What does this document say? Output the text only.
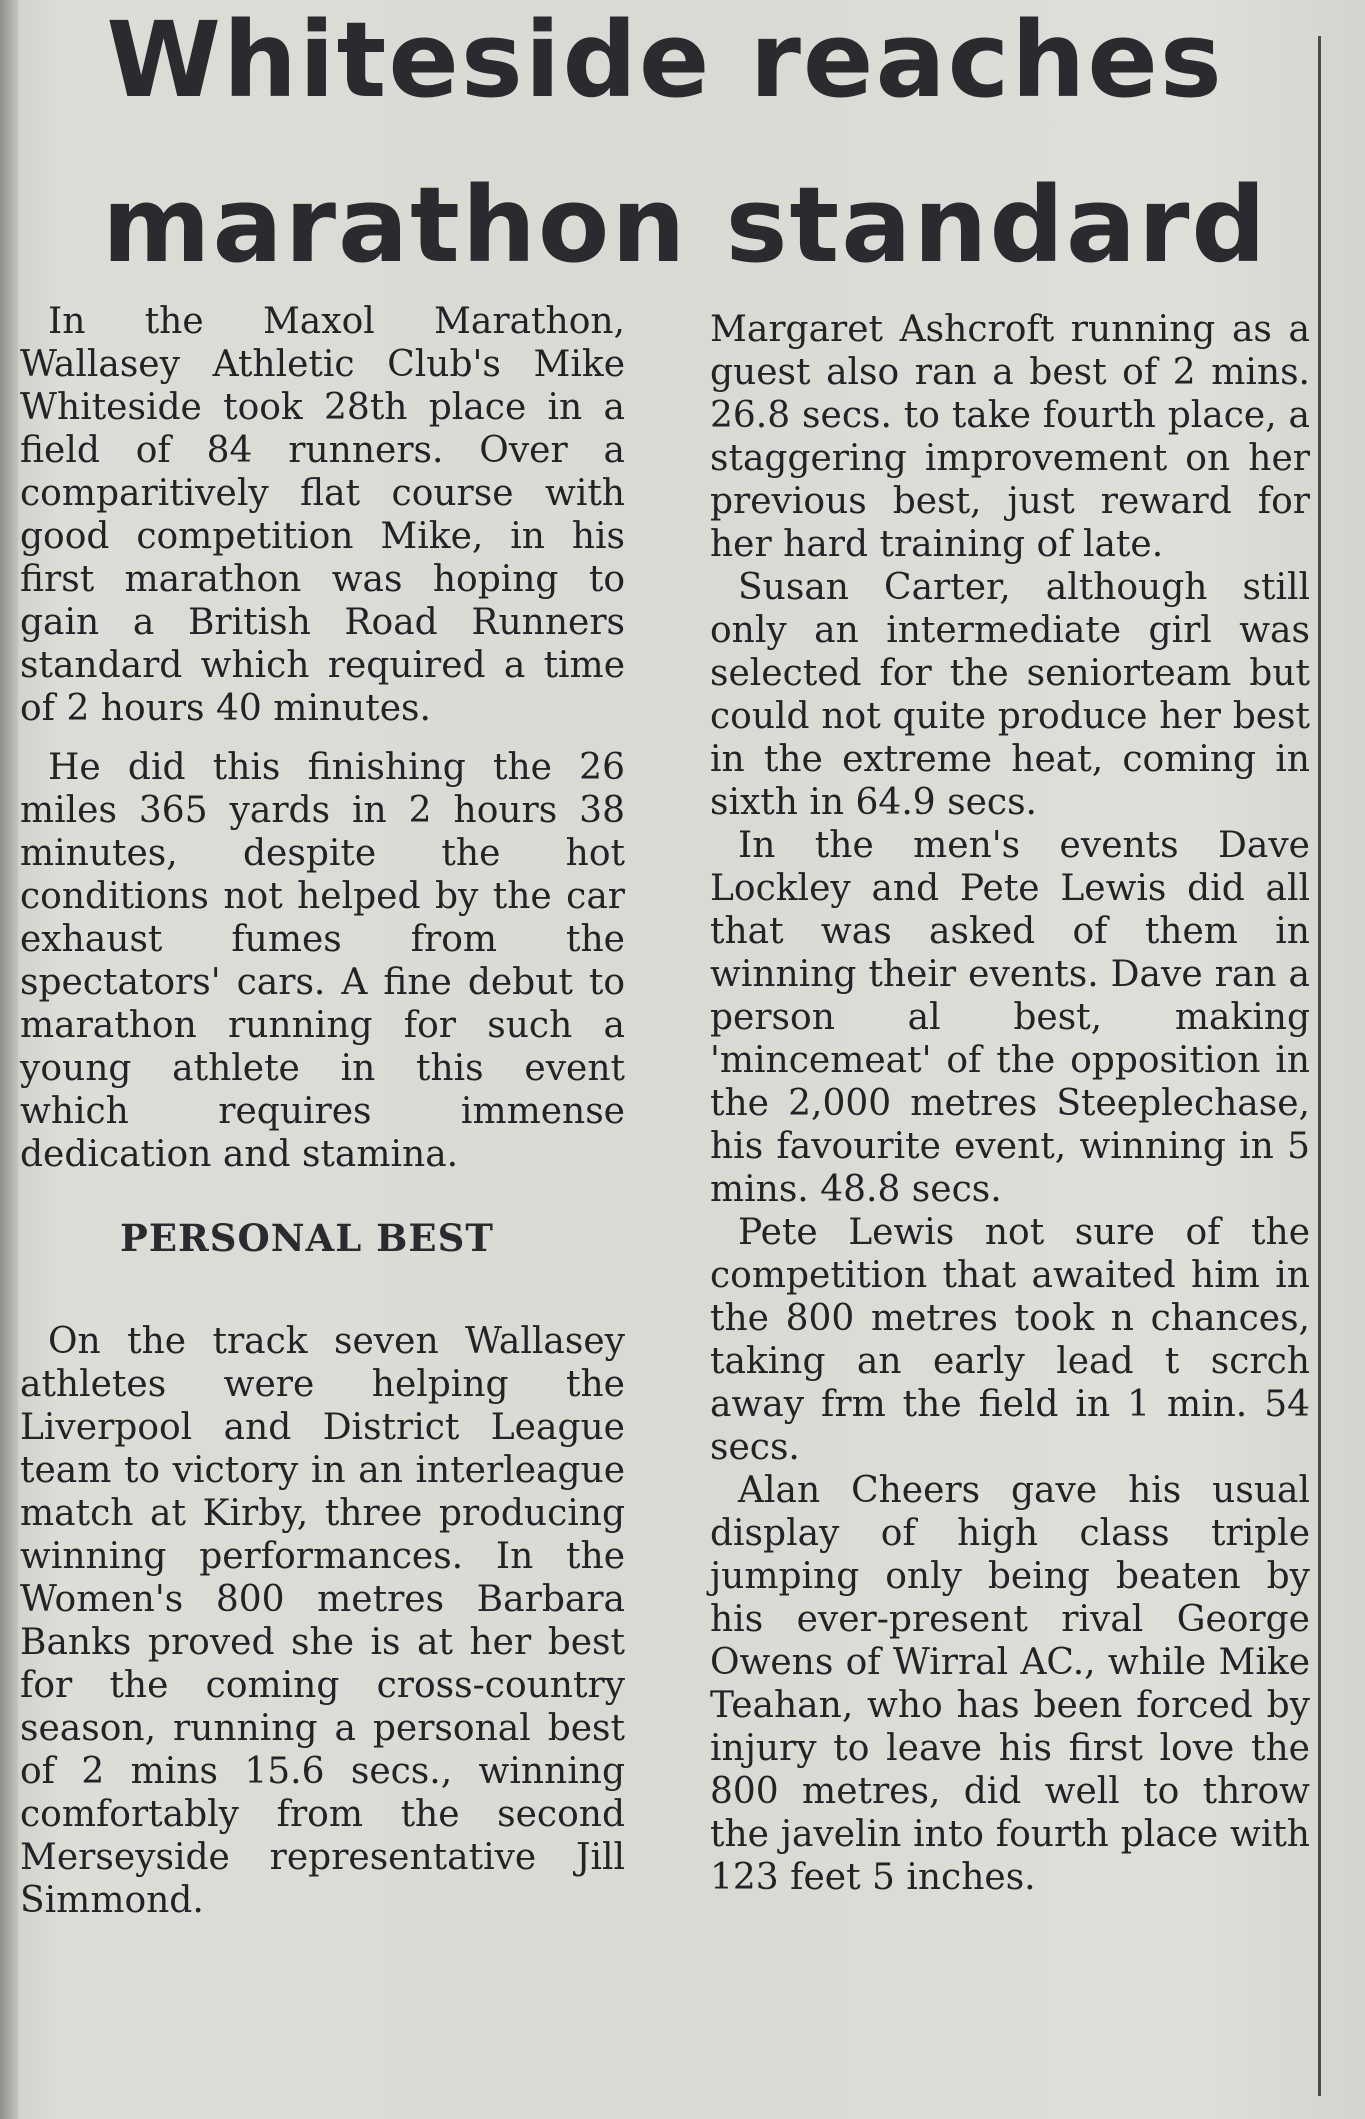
Whiteside reaches
marathon standard

In the Maxol Marathon, Wallasey Athletic Club's Mike Whiteside took 28th place in a field of 84 runners. Over a comparitively flat course with good competition Mike, in his first marathon was hoping to gain a British Road Runners standard which required a time of 2 hours 40 minutes.

He did this finishing the 26 miles 365 yards in 2 hours 38 minutes, despite the hot conditions not helped by the car exhaust fumes from the spectators' cars. A fine debut to marathon running for such a young athlete in this event which requires immense dedication and stamina.

PERSONAL BEST

On the track seven Wallasey athletes were helping the Liverpool and District League team to victory in an interleague match at Kirby, three producing winning performances. In the Women's 800 metres Barbara Banks proved she is at her best for the coming cross-country season, running a personal best of 2 mins 15.6 secs., winning comfortably from the second Merseyside representative Jill Simmond.

Margaret Ashcroft running as a guest also ran a best of 2 mins. 26.8 secs. to take fourth place, a staggering improvement on her previous best, just reward for her hard training of late.

Susan Carter, although still only an intermediate girl was selected for the seniorteam but could not quite produce her best in the extreme heat, coming in sixth in 64.9 secs.

In the men's events Dave Lockley and Pete Lewis did all that was asked of them in winning their events. Dave ran a person al best, making 'mincemeat' of the opposition in the 2,000 metres Steeplechase, his favourite event, winning in 5 mins. 48.8 secs.

Pete Lewis not sure of the competition that awaited him in the 800 metres took n chances, taking an early lead t scrch away frm the field in 1 min. 54 secs.

Alan Cheers gave his usual display of high class triple jumping only being beaten by his ever-present rival George Owens of Wirral AC., while Mike Teahan, who has been forced by injury to leave his first love the 800 metres, did well to throw the javelin into fourth place with 123 feet 5 inches.
